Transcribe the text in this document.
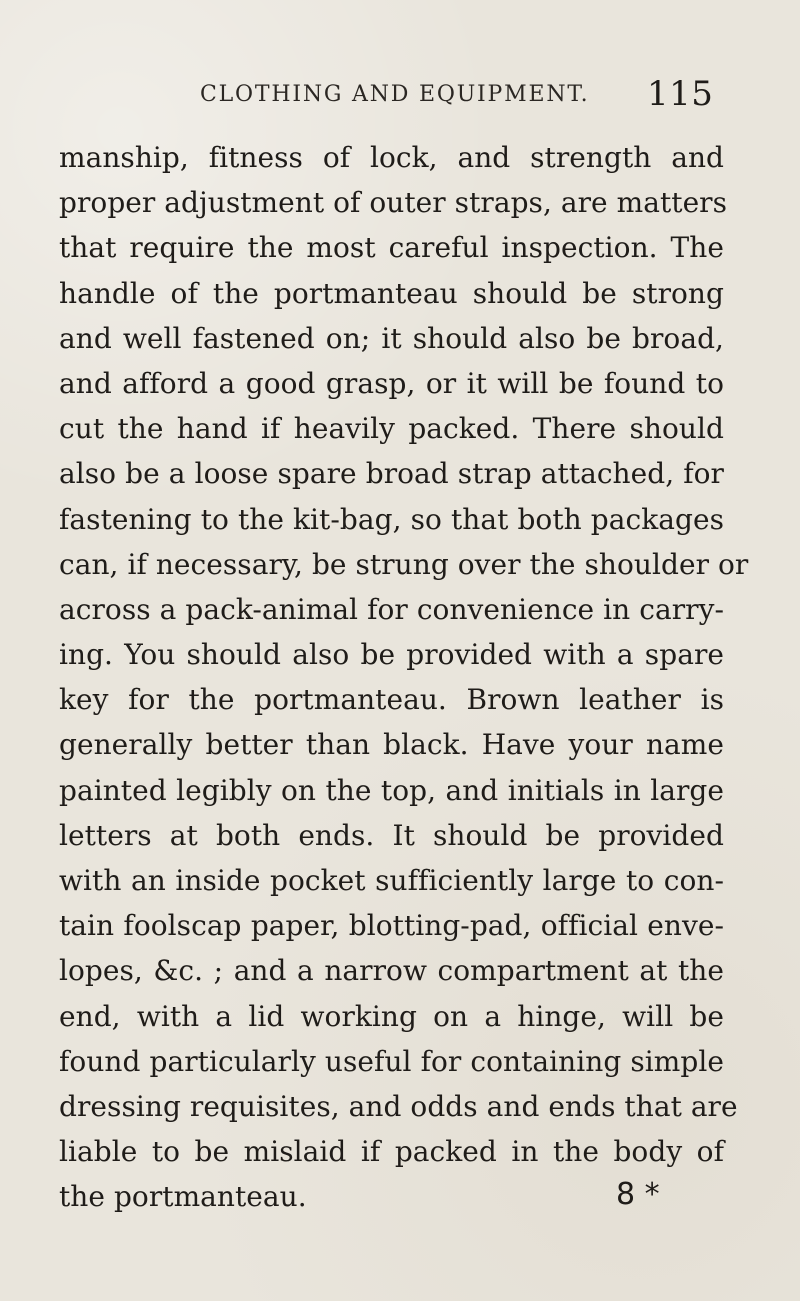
CLOTHING AND EQUIPMENT. 115
manship, fitness of lock, and strength and
proper adjustment of outer straps, are matters
that require the most careful inspection. The
handle of the portmanteau should be strong
and well fastened on; it should also be broad,
and afford a good grasp, or it will be found to
cut the hand if heavily packed. There should
also be a loose spare broad strap attached, for
fastening to the kit-bag, so that both packages
can, if necessary, be strung over the shoulder or
across a pack-animal for convenience in carry-
ing. You should also be provided with a spare
key for the portmanteau. Brown leather is
generally better than black. Have your name
painted legibly on the top, and initials in large
letters at both ends. It should be provided
with an inside pocket sufficiently large to con-
tain foolscap paper, blotting-pad, official enve-
lopes, &c. ; and a narrow compartment at the
end, with a lid working on a hinge, will be
found particularly useful for containing simple
dressing requisites, and odds and ends that are
liable to be mislaid if packed in the body of
the portmanteau.	8 *
